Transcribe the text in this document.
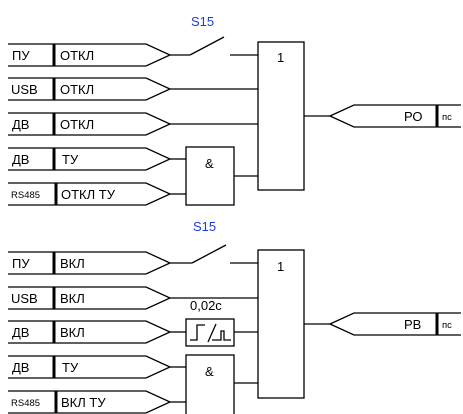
S15
ПУ ОТКЛ
USB ОТКЛ
ДВ ОТКЛ
ДВ	ТУ
RS485 ОТКЛ ТУ
&
1
РО пс
S15
ПУ ВКЛ
USB ВКЛ
ДВ ВКЛ
ДВ	ТУ
RS485 ВКЛ ТУ
0,02с
&
1
РВ пс
